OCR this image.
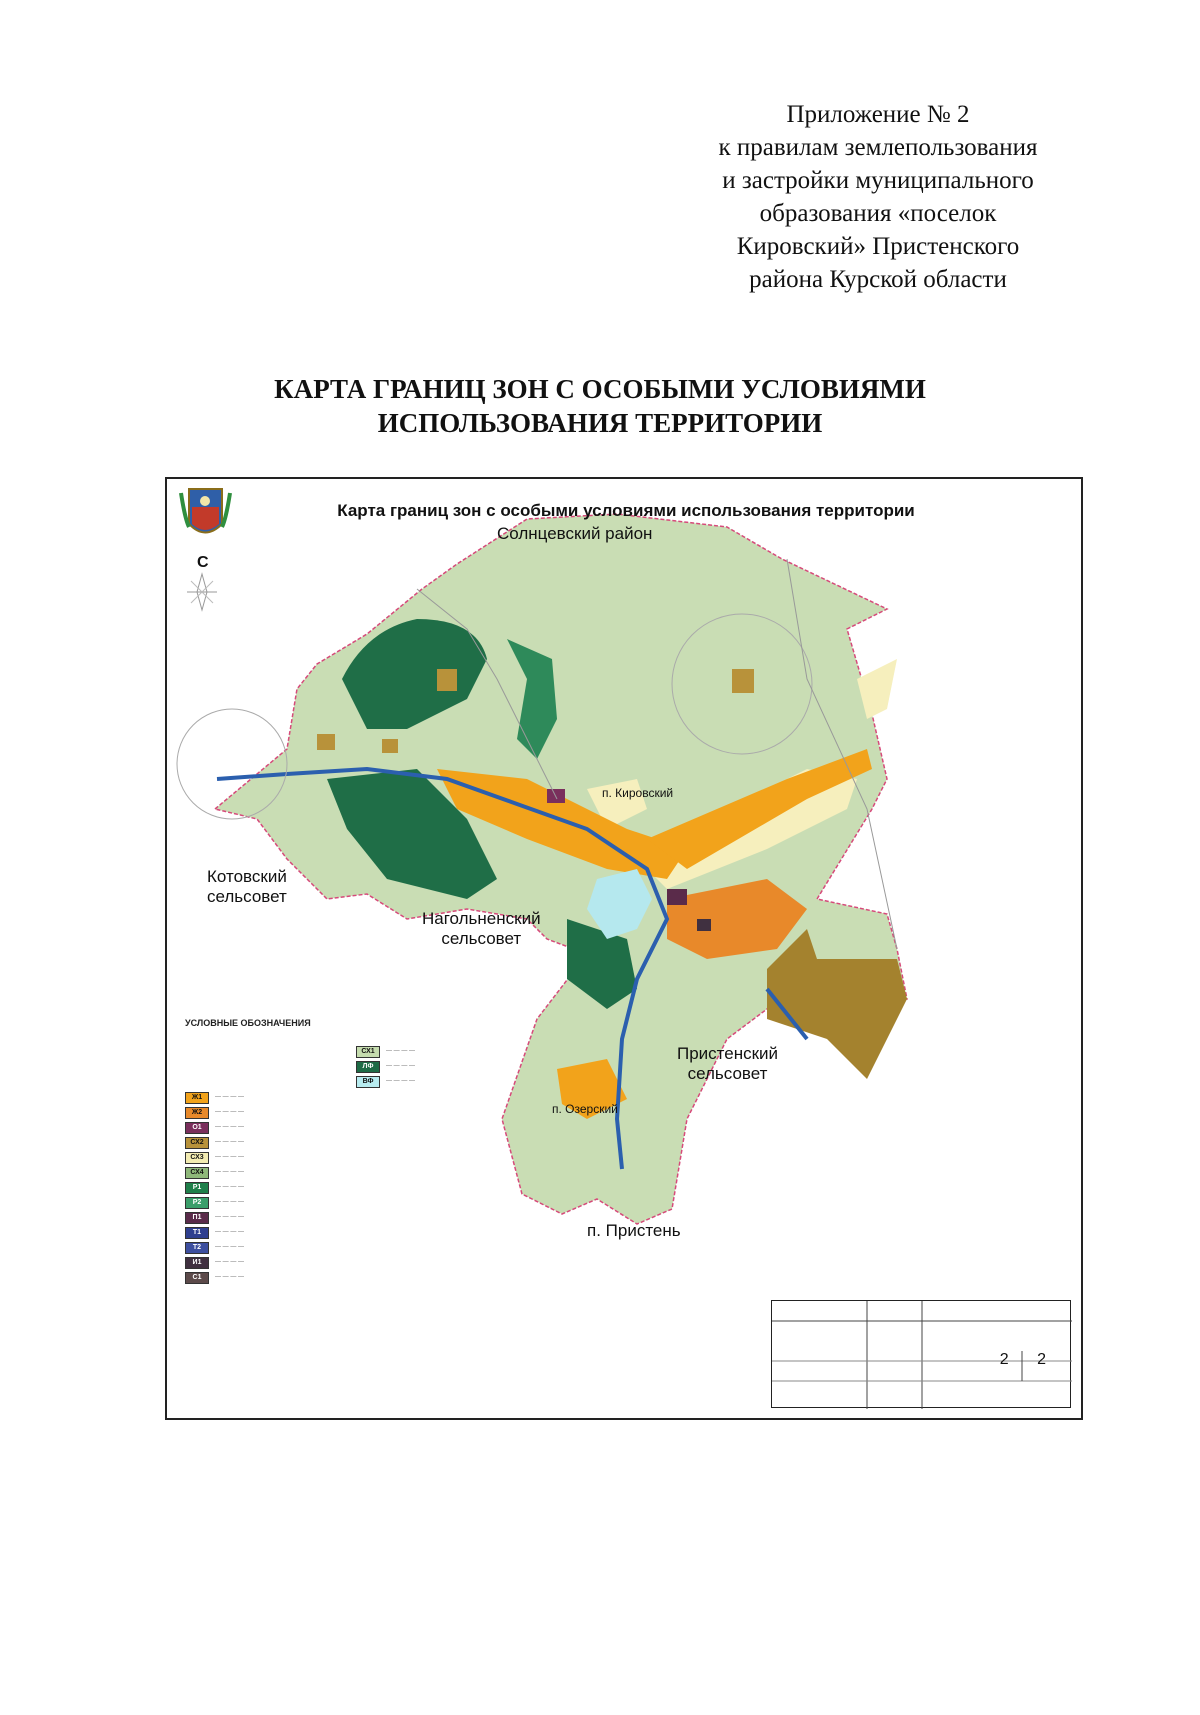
Приложение № 2
к правилам землепользования
и застройки муниципального
образования «поселок
Кировский» Пристенского
района Курской области
КАРТА ГРАНИЦ ЗОН С ОСОБЫМИ УСЛОВИЯМИ
ИСПОЛЬЗОВАНИЯ ТЕРРИТОРИИ
Карта границ зон с особыми условиями использования территории
С
Солнцевский район
Котовский
сельсовет
Нагольненский
сельсовет
Пристенский
сельсовет
п. Кировский
п. Озерский
п. Пристень
УСЛОВНЫЕ ОБОЗНАЧЕНИЯ
Ж1	— — — —
Ж2	— — — —
О1	— — — —
СХ2	— — — —
СХ3	— — — —
СХ4	— — — —
Р1	— — — —
Р2	— — — —
П1	— — — —
Т1	— — — —
Т2	— — — —
И1	— — — —
С1	— — — —
СХ1	— — — —
ЛФ	— — — —
ВФ	— — — —
2 2
